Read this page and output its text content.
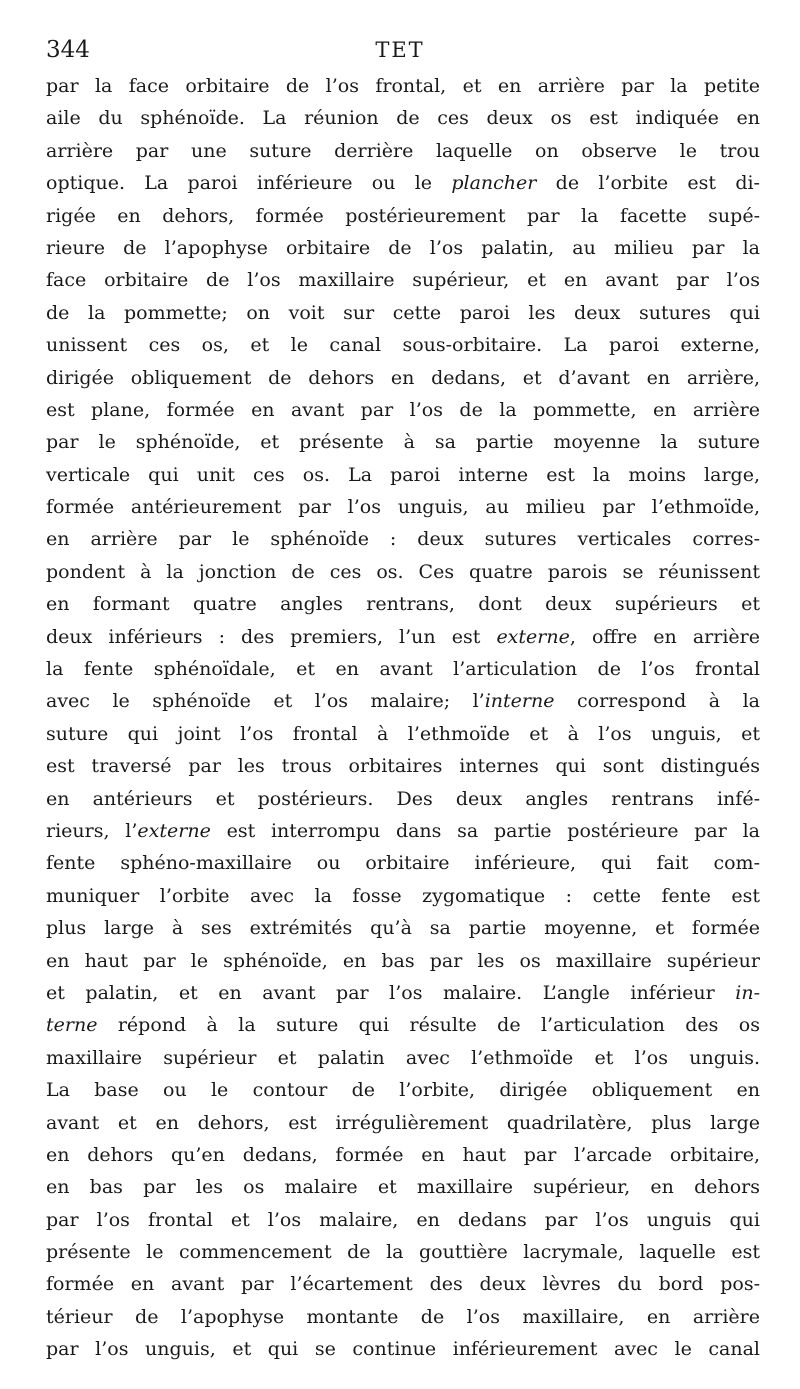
344	TET
par la face orbitaire de l’os frontal, et en arrière par la petite
aile du sphénoïde. La réunion de ces deux os est indiquée en
arrière par une suture derrière laquelle on observe le trou
optique. La paroi inférieure ou le plancher de l’orbite est di-
rigée en dehors, formée postérieurement par la facette supé-
rieure de l’apophyse orbitaire de l’os palatin, au milieu par la
face orbitaire de l’os maxillaire supérieur, et en avant par l’os
de la pommette; on voit sur cette paroi les deux sutures qui
unissent ces os, et le canal sous-orbitaire. La paroi externe,
dirigée obliquement de dehors en dedans, et d’avant en arrière,
est plane, formée en avant par l’os de la pommette, en arrière
par le sphénoïde, et présente à sa partie moyenne la suture
verticale qui unit ces os. La paroi interne est la moins large,
formée antérieurement par l’os unguis, au milieu par l’ethmoïde,
en arrière par le sphénoïde : deux sutures verticales corres-
pondent à la jonction de ces os. Ces quatre parois se réunissent
en formant quatre angles rentrans, dont deux supérieurs et
deux inférieurs : des premiers, l’un est externe, offre en arrière
la fente sphénoïdale, et en avant l’articulation de l’os frontal
avec le sphénoïde et l’os malaire; l’interne correspond à la
suture qui joint l’os frontal à l’ethmoïde et à l’os unguis, et
est traversé par les trous orbitaires internes qui sont distingués
en antérieurs et postérieurs. Des deux angles rentrans infé-
rieurs, l’externe est interrompu dans sa partie postérieure par la
fente sphéno-maxillaire ou orbitaire inférieure, qui fait com-
muniquer l’orbite avec la fosse zygomatique : cette fente est
plus large à ses extrémités qu’à sa partie moyenne, et formée
en haut par le sphénoïde, en bas par les os maxillaire supérieur
et palatin, et en avant par l’os malaire. L’angle inférieur in-
terne répond à la suture qui résulte de l’articulation des os
maxillaire supérieur et palatin avec l’ethmoïde et l’os unguis.
La base ou le contour de l’orbite, dirigée obliquement en
avant et en dehors, est irrégulièrement quadrilatère, plus large
en dehors qu’en dedans, formée en haut par l’arcade orbitaire,
en bas par les os malaire et maxillaire supérieur, en dehors
par l’os frontal et l’os malaire, en dedans par l’os unguis qui
présente le commencement de la gouttière lacrymale, laquelle est
formée en avant par l’écartement des deux lèvres du bord pos-
térieur de l’apophyse montante de l’os maxillaire, en arrière
par l’os unguis, et qui se continue inférieurement avec le canal
